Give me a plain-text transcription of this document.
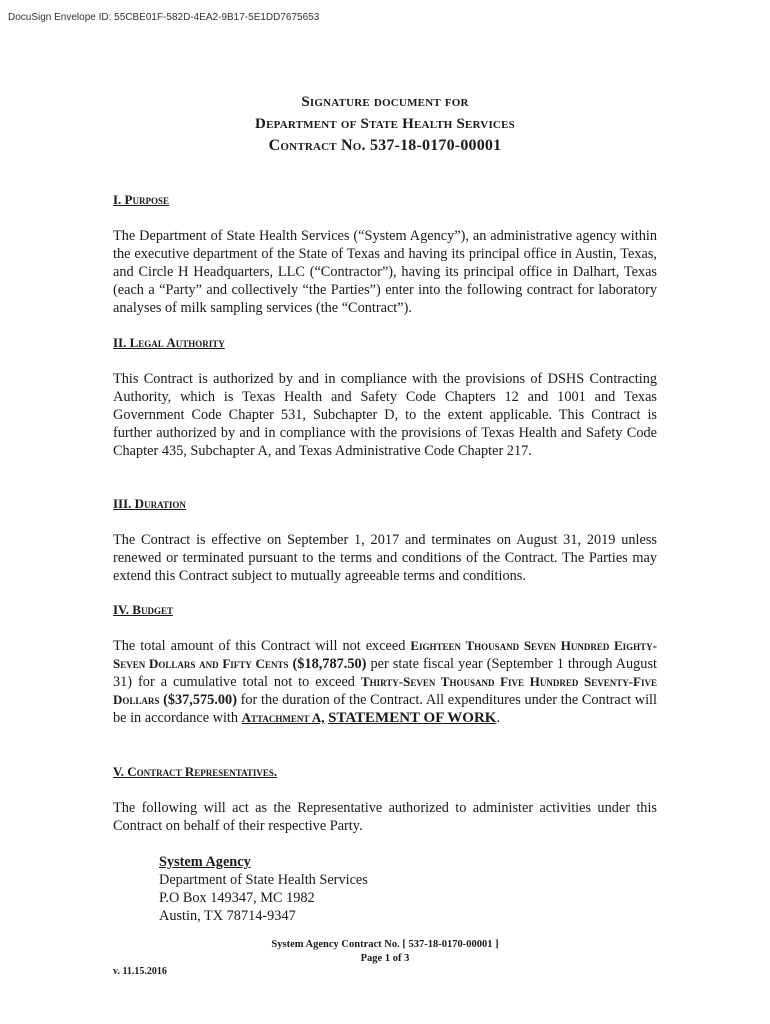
DocuSign Envelope ID: 55CBE01F-582D-4EA2-9B17-5E1DD7675653
Signature document for
Department of State Health Services
Contract No. 537-18-0170-00001
I. Purpose
The Department of State Health Services (“System Agency”), an administrative agency within the executive department of the State of Texas and having its principal office in Austin, Texas, and Circle H Headquarters, LLC (“Contractor”), having its principal office in Dalhart, Texas (each a “Party” and collectively “the Parties”) enter into the following contract for laboratory analyses of milk sampling services (the “Contract”).
II. Legal Authority
This Contract is authorized by and in compliance with the provisions of DSHS Contracting Authority, which is Texas Health and Safety Code Chapters 12 and 1001 and Texas Government Code Chapter 531, Subchapter D, to the extent applicable. This Contract is further authorized by and in compliance with the provisions of Texas Health and Safety Code Chapter 435, Subchapter A, and Texas Administrative Code Chapter 217.
III. Duration
The Contract is effective on September 1, 2017 and terminates on August 31, 2019 unless renewed or terminated pursuant to the terms and conditions of the Contract. The Parties may extend this Contract subject to mutually agreeable terms and conditions.
IV. Budget
The total amount of this Contract will not exceed Eighteen Thousand Seven Hundred Eighty-Seven Dollars and Fifty Cents ($18,787.50) per state fiscal year (September 1 through August 31) for a cumulative total not to exceed Thirty-Seven Thousand Five Hundred Seventy-Five Dollars ($37,575.00) for the duration of the Contract. All expenditures under the Contract will be in accordance with Attachment A, STATEMENT OF WORK.
V. Contract Representatives.
The following will act as the Representative authorized to administer activities under this Contract on behalf of their respective Party.
System Agency
Department of State Health Services
P.O Box 149347, MC 1982
Austin, TX 78714-9347
System Agency Contract No. [ 537-18-0170-00001 ]
Page 1 of 3
v. 11.15.2016
